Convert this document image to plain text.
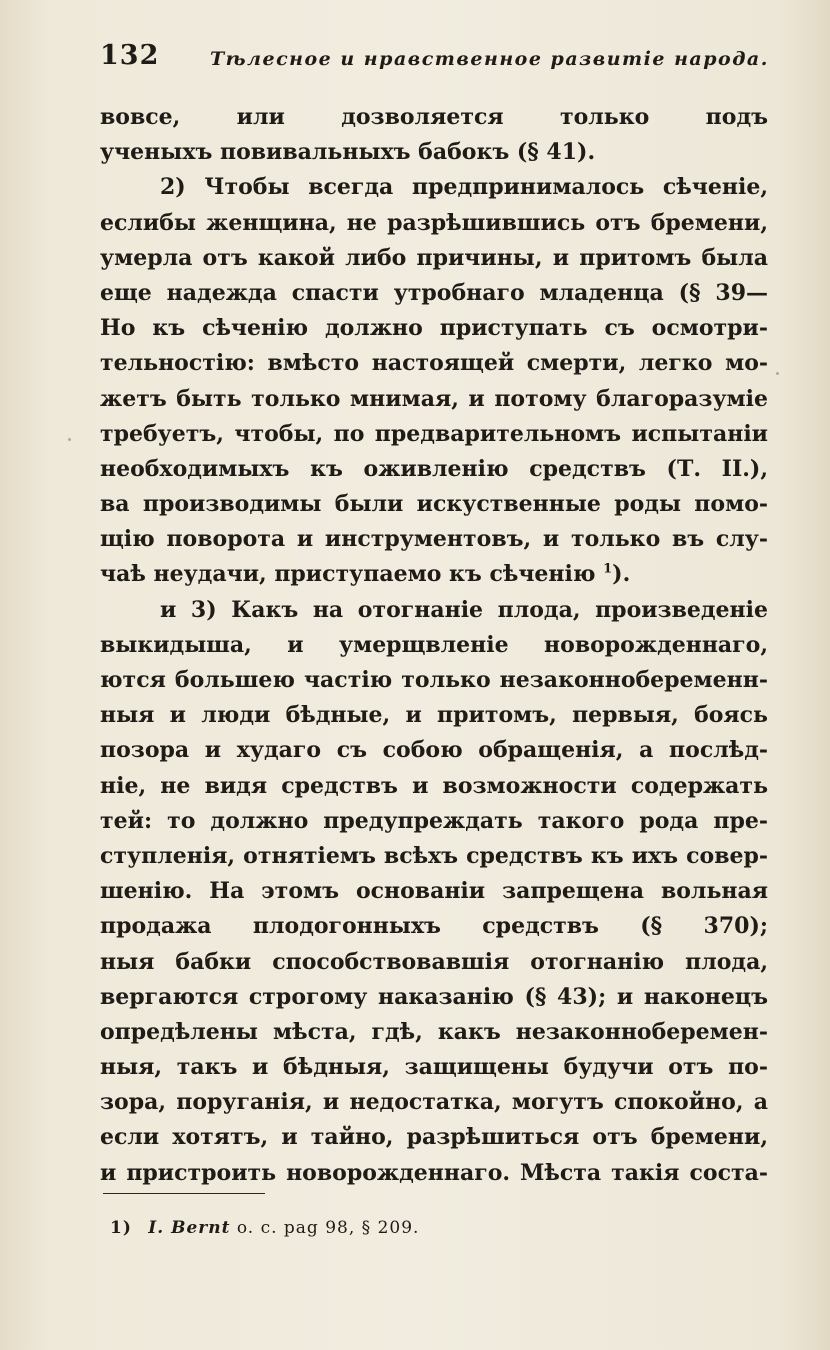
132	Тѣлесное и нравственное развитіе народа.
вовсе, или дозволяется только подъ
ученыхъ повивальныхъ бабокъ (§ 41).
2) Чтобы всегда предпринималось сѣченіе,
еслибы женщина, не разрѣшившись отъ бремени,
умерла отъ какой либо причины, и притомъ была
еще надежда спасти утробнаго младенца (§ 39—
Но къ сѣченію должно приступать съ осмотри-
тельностію: вмѣсто настоящей смерти, легко мо-
жетъ быть только мнимая, и потому благоразуміе
требуетъ, чтобы, по предварительномъ испытаніи
необходимыхъ къ оживленію средствъ (Т. II.),
ва производимы были искуственные роды помо-
щію поворота и инструментовъ, и только въ слу-
чаѣ неудачи, приступаемо къ сѣченію $^1$).
и 3) Какъ на отогнаніе плода, произведеніе
выкидыша, и умерщвленіе новорожденнаго,
ются большею частію только незаконнобеременн-
ныя и люди бѣдные, и притомъ, первыя, боясь
позора и худаго съ собою обращенія, а послѣд-
ніе, не видя средствъ и возможности содержать
тей: то должно предупреждать такого рода пре-
ступленія, отнятіемъ всѣхъ средствъ къ ихъ совер-
шенію. На этомъ основаніи запрещена вольная
продажа плодогонныхъ средствъ (§ 370);
ныя бабки способствовавшія отогнанію плода,
вергаются строгому наказанію (§ 43); и наконецъ
опредѣлены мѣста, гдѣ, какъ незаконноберемен-
ныя, такъ и бѣдныя, защищены будучи отъ по-
зора, поруганія, и недостатка, могутъ спокойно, а
если хотятъ, и тайно, разрѣшиться отъ бремени,
и пристроить новорожденнаго. Мѣста такія соста-
1) I. Bernt o. c. pag 98, § 209.
